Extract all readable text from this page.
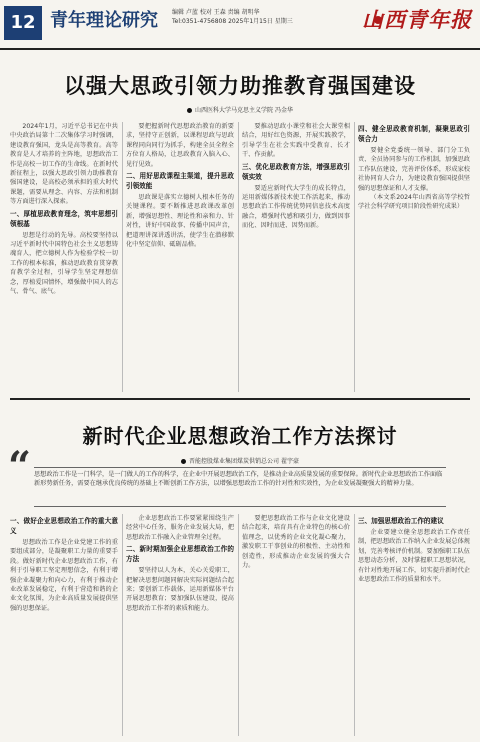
12 青年理论研究 编辑 卢蓝 校对 王森 责编 胡明华
Tel:0351-4756808 2025年1月15日 星期三	山西青年报
以强大思政引领力助推教育强国建设
山西医科大学马克思主义学院 冯金华

2024年1月，习近平总书记在中共中央政治局第十二次集体学习时强调，建设教育强国，龙头是高等教育。高等教育是人才培养的主阵地，思想政治工作是高校一切工作的生命线。在新时代新征程上，以强大思政引领力助推教育强国建设，是高校必须承担的重大时代课题，需要从理念、内容、方法和机制等方面进行深入探索。

一、厚植思政教育理念，筑牢思想引领根基

思想是行动的先导。高校要坚持以习近平新时代中国特色社会主义思想铸魂育人，把立德树人作为检验学校一切工作的根本标准，推动思政教育贯穿教育教学全过程，引导学生坚定理想信念，厚植爱国情怀，增强做中国人的志气、骨气、底气。

要把握新时代思想政治教育的新要求，坚持守正创新，以课程思政与思政课程同向同行为抓手，构建全员全程全方位育人格局，让思政教育入脑入心、见行见效。

二、用好思政课程主渠道，提升思政引领效能

思政课是落实立德树人根本任务的关键课程。要不断推进思政课改革创新，增强思想性、理论性和亲和力、针对性，讲好中国故事、传播中国声音，把道理讲深讲透讲活，使学生在潜移默化中坚定信仰、砥砺品格。

要推动思政小课堂和社会大课堂相结合，用好红色资源，开展实践教学，引导学生在社会实践中受教育、长才干、作贡献。

三、优化思政教育方法，增强思政引领实效

要适应新时代大学生的成长特点，运用新媒体新技术使工作活起来，推动思想政治工作传统优势同信息技术高度融合，增强时代感和吸引力，做到因事而化、因时而进、因势而新。

四、健全思政教育机制，凝聚思政引领合力

要健全党委统一领导、部门分工负责、全员协同参与的工作机制，加强思政工作队伍建设，完善评价体系，形成家校社协同育人合力，为建设教育强国提供坚强的思想保证和人才支撑。

（本文系2024年山西省高等学校哲学社会科学研究项目阶段性研究成果）

新时代企业思想政治工作方法探讨
晋能控股煤业集团煤炭供销总公司 翟宇豪
“ 思想政治工作是一门科学，是一门做人的工作的科学，在企业中开展思想政治工作，是推动企业高质量发展的重要保障。新时代企业思想政治工作面临新形势新任务，需要在继承优良传统的基础上不断创新工作方法，以增强思想政治工作的针对性和实效性，为企业发展凝聚强大的精神力量。
一、做好企业思想政治工作的重大意义

思想政治工作是企业党建工作的重要组成部分，是凝聚职工力量的重要手段。做好新时代企业思想政治工作，有利于引导职工坚定理想信念，有利于增强企业凝聚力和向心力，有利于推动企业改革发展稳定，有利于营造和谐的企业文化氛围，为企业高质量发展提供坚强的思想保证。

企业思想政治工作要紧紧围绕生产经营中心任务，服务企业发展大局，把思想政治工作融入企业管理全过程。

二、新时期加强企业思想政治工作的方法

要坚持以人为本，关心关爱职工，把解决思想问题同解决实际问题结合起来；要创新工作载体，运用新媒体平台开展思想教育；要加强队伍建设，提高思想政治工作者的素质和能力。

要把思想政治工作与企业文化建设结合起来，培育具有企业特色的核心价值理念，以优秀的企业文化凝心聚力，激发职工干事创业的积极性、主动性和创造性，形成推动企业发展的强大合力。

三、加强思想政治工作的建议

企业要建立健全思想政治工作责任制，把思想政治工作纳入企业发展总体规划，完善考核评价机制。要加强职工队伍思想动态分析，及时掌握职工思想状况，有针对性地开展工作，切实提升新时代企业思想政治工作的质量和水平。
